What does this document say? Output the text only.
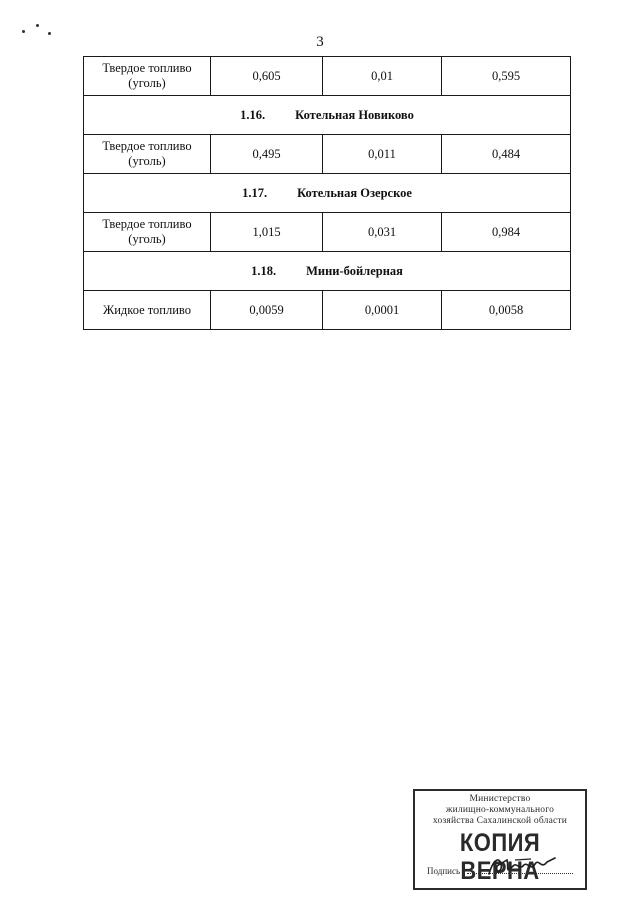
3
Твердое топливо
(уголь)	0,605	0,01	0,595
1.16. Котельная Новиково			

Твердое топливо
(уголь)	0,495	0,011	0,484
1.17. Котельная Озерское			

Твердое топливо
(уголь)	1,015	0,031	0,984
1.18. Мини-бойлерная			

Жидкое топливо	0,0059	0,0001	0,0058
Министерство
жилищно-коммунального
хозяйства Сахалинской области
КОПИЯ ВЕРНА
Подпись
